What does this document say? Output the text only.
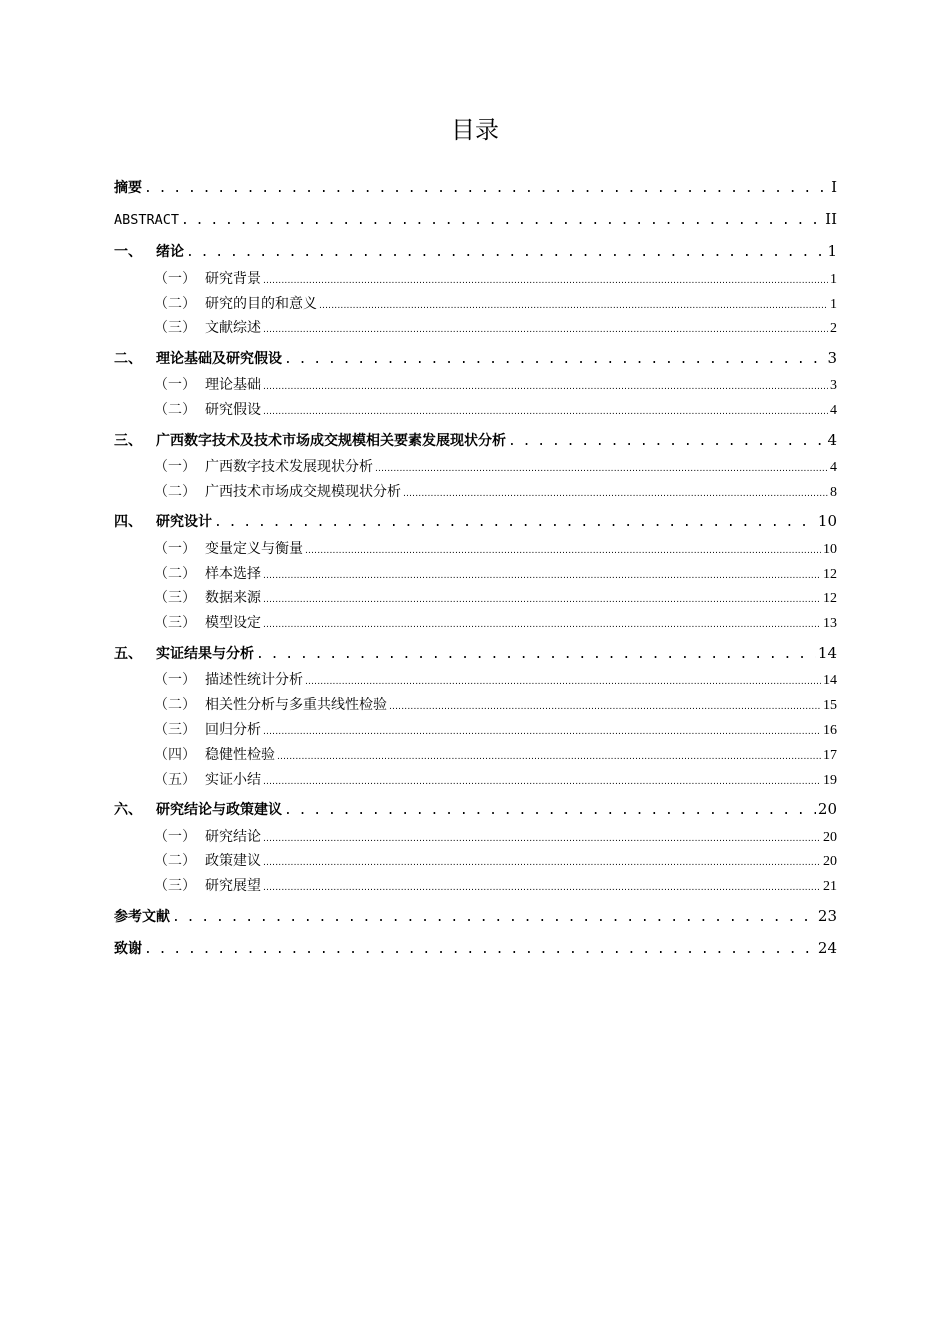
目录
摘要 . . .	I
ABSTRACT . . .	II
一、	绪论 . . .	1
（一） 研究背景 .....	1
（二） 研究的目的和意义 .....	1
（三） 文献综述 .....	2
二、	理论基础及研究假设 . . .	3
（一） 理论基础 .....	3
（二） 研究假设 .....	4
三、	广西数字技术及技术市场成交规模相关要素发展现状分析 . . .	4
（一） 广西数字技术发展现状分析 .....	4
（二） 广西技术市场成交规模现状分析 .....	8
四、	研究设计 . . .	10
（一） 变量定义与衡量 .....	10
（二） 样本选择 .....	12
（三） 数据来源 .....	12
（三） 模型设定 .....	13
五、	实证结果与分析 . . .	14
（一） 描述性统计分析 .....	14
（二） 相关性分析与多重共线性检验 .....	15
（三） 回归分析 .....	16
（四） 稳健性检验 .....	17
（五） 实证小结 .....	19
六、	研究结论与政策建议 . . .	20
（一） 研究结论 .....	20
（二） 政策建议 .....	20
（三） 研究展望 .....	21
参考文献 . . .	23
致谢 . . .	24
